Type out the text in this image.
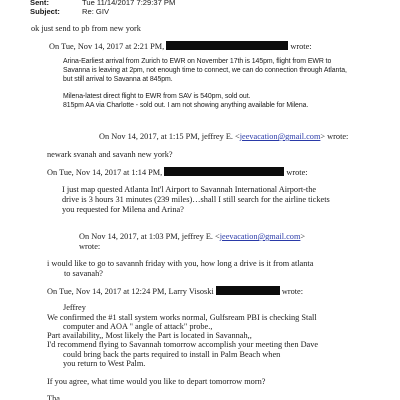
Sent:	Tue 11/14/2017 7:29:37 PM
Subject:	Re: GIV
ok just send to pb from new york
On Tue, Nov 14, 2017 at 2:21 PM,	wrote:
Arina-Earliest arrival from Zurich to EWR on November 17th is 145pm, flight from EWR to
Savanna is leaving at 2pm, not enough time to connect, we can do connection through Atlanta,
but still arrival to Savanna at 845pm.
Milena-latest direct flight to EWR from SAV is 540pm, sold out.
815pm AA via Charlotte - sold out. I am not showing anything available for Milena.
On Nov 14, 2017, at 1:15 PM, jeffrey E. <jeevacation@gmail.com> wrote:
newark svanah and savanh new york?
On Tue, Nov 14, 2017 at 1:14 PM,	wrote:
I just map quested Atlanta Int'l Airport to Savannah International Airport-the
drive is 3 hours 31 minutes (239 miles)…shall I still search for the airline tickets
you requested for Milena and Arina?
On Nov 14, 2017, at 1:03 PM, jeffrey E. <jeevacation@gmail.com>
wrote:
i would like to go to savannh friday with you, how long a drive is it from atlanta
to savanah?
On Tue, Nov 14, 2017 at 12:24 PM, Larry Visoski	wrote:
Jeffrey
We confirmed the #1 stall system works normal, Gulfsream PBI is checking Stall
computer and AOA " angle of attack" probe.,
Part availability,, Most likely the Part is located in Savannah,,
I'd recommend flying to Savannah tomorrow accomplish your meeting then Dave
could bring back the parts required to install in Palm Beach when
you return to West Palm.
If you agree, what time would you like to depart tomorrow morn?
Tha
